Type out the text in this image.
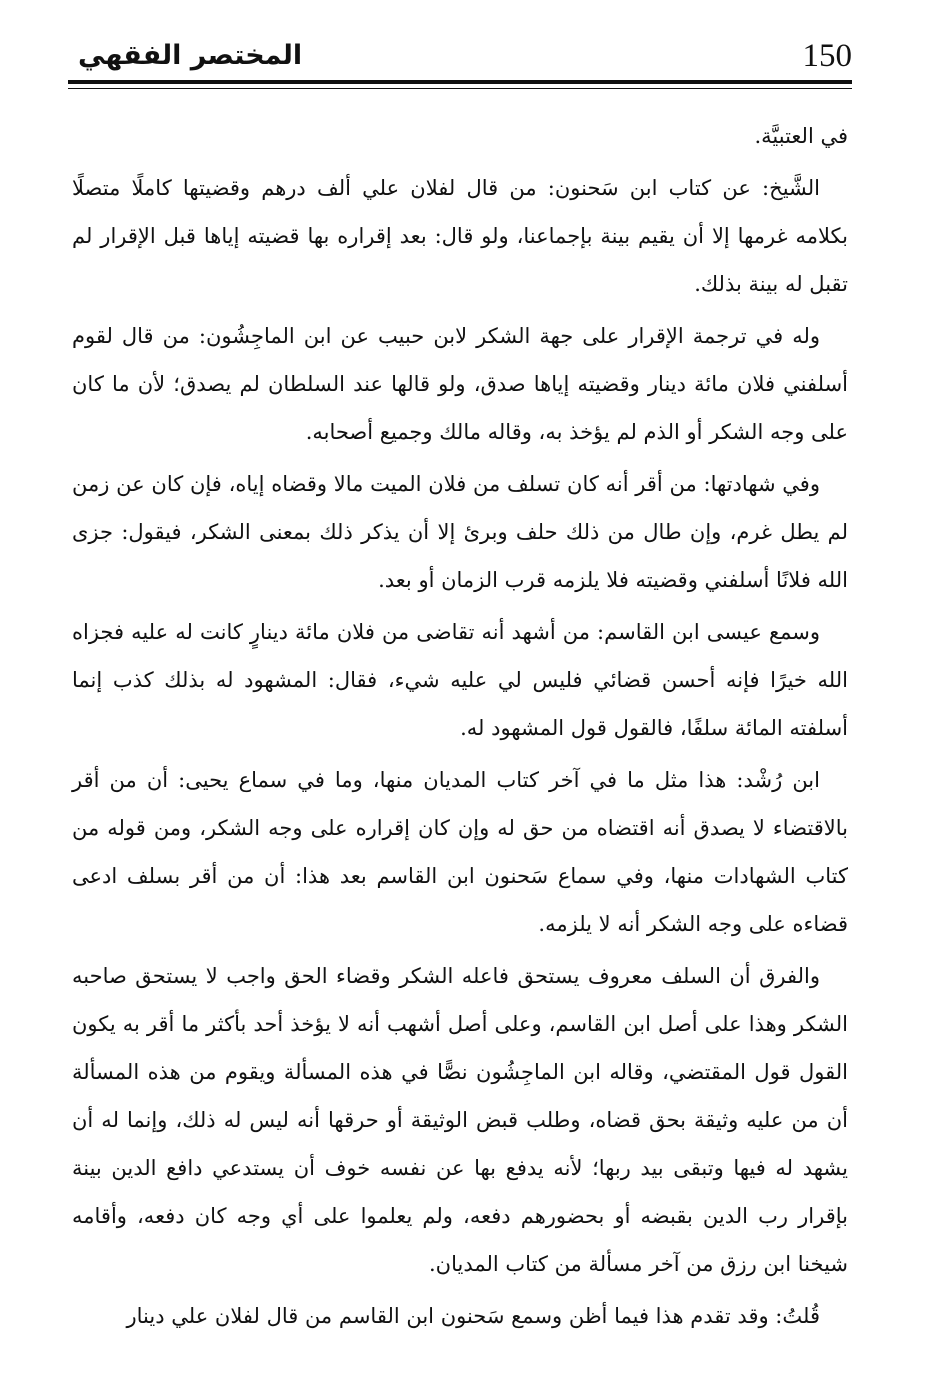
150
المختصر الفقهي

في العتبيَّة.

الشَّيخ: عن كتاب ابن سَحنون: من قال لفلان علي ألف درهم وقضيتها كاملًا متصلًا بكلامه غرمها إلا أن يقيم بينة بإجماعنا، ولو قال: بعد إقراره بها قضيته إياها قبل الإقرار لم تقبل له بينة بذلك.

وله في ترجمة الإقرار على جهة الشكر لابن حبيب عن ابن الماجِشُون: من قال لقوم أسلفني فلان مائة دينار وقضيته إياها صدق، ولو قالها عند السلطان لم يصدق؛ لأن ما كان على وجه الشكر أو الذم لم يؤخذ به، وقاله مالك وجميع أصحابه.

وفي شهادتها: من أقر أنه كان تسلف من فلان الميت مالا وقضاه إياه، فإن كان عن زمن لم يطل غرم، وإن طال من ذلك حلف وبرئ إلا أن يذكر ذلك بمعنى الشكر، فيقول: جزى الله فلانًا أسلفني وقضيته فلا يلزمه قرب الزمان أو بعد.

وسمع عيسى ابن القاسم: من أشهد أنه تقاضى من فلان مائة دينارٍ كانت له عليه فجزاه الله خيرًا فإنه أحسن قضائي فليس لي عليه شيء، فقال: المشهود له بذلك كذب إنما أسلفته المائة سلفًا، فالقول قول المشهود له.

ابن رُشْد: هذا مثل ما في آخر كتاب المديان منها، وما في سماع يحيى: أن من أقر بالاقتضاء لا يصدق أنه اقتضاه من حق له وإن كان إقراره على وجه الشكر، ومن قوله من كتاب الشهادات منها، وفي سماع سَحنون ابن القاسم بعد هذا: أن من أقر بسلف ادعى قضاءه على وجه الشكر أنه لا يلزمه.

والفرق أن السلف معروف يستحق فاعله الشكر وقضاء الحق واجب لا يستحق صاحبه الشكر وهذا على أصل ابن القاسم، وعلى أصل أشهب أنه لا يؤخذ أحد بأكثر ما أقر به يكون القول قول المقتضي، وقاله ابن الماجِشُون نصًّا في هذه المسألة ويقوم من هذه المسألة أن من عليه وثيقة بحق قضاه، وطلب قبض الوثيقة أو حرقها أنه ليس له ذلك، وإنما له أن يشهد له فيها وتبقى بيد ربها؛ لأنه يدفع بها عن نفسه خوف أن يستدعي دافع الدين بينة بإقرار رب الدين بقبضه أو بحضورهم دفعه، ولم يعلموا على أي وجه كان دفعه، وأقامه شيخنا ابن رزق من آخر مسألة من كتاب المديان.

قُلتُ: وقد تقدم هذا فيما أظن وسمع سَحنون ابن القاسم من قال لفلان علي دينار
